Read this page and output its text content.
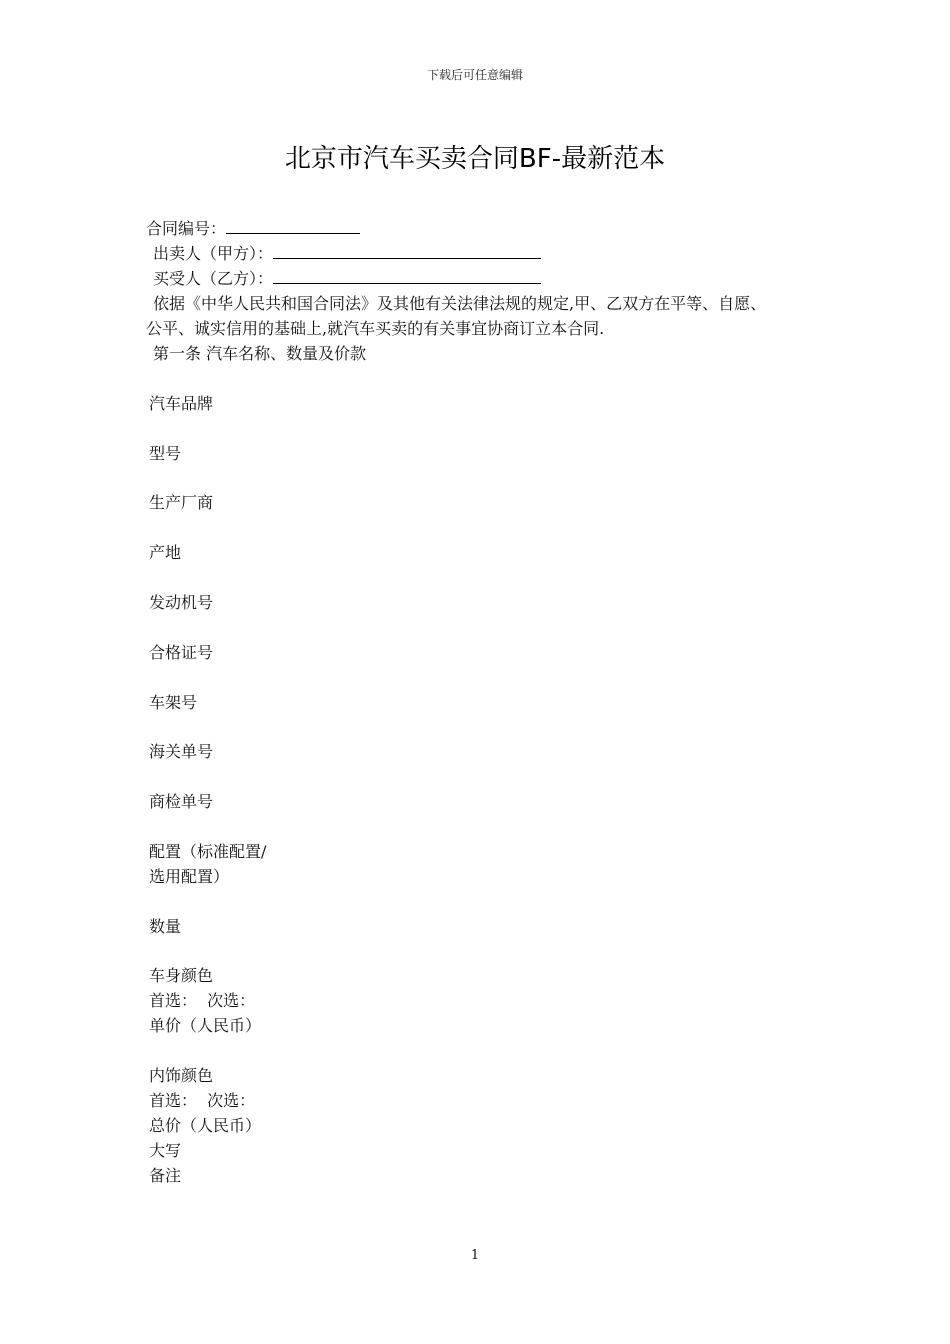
下载后可任意编辑
北京市汽车买卖合同BF-最新范本
合同编号：
出卖人（甲方）：
买受人（乙方）：
依据《中华人民共和国合同法》及其他有关法律法规的规定,甲、乙双方在平等、自愿、
公平、诚实信用的基础上,就汽车买卖的有关事宜协商订立本合同.
第一条 汽车名称、数量及价款
汽车品牌
型号
生产厂商
产地
发动机号
合格证号
车架号
海关单号
商检单号
配置（标准配置/
选用配置）
数量
车身颜色
首选：  次选：
单价（人民币）
内饰颜色
首选：  次选：
总价（人民币）
大写
备注
1
